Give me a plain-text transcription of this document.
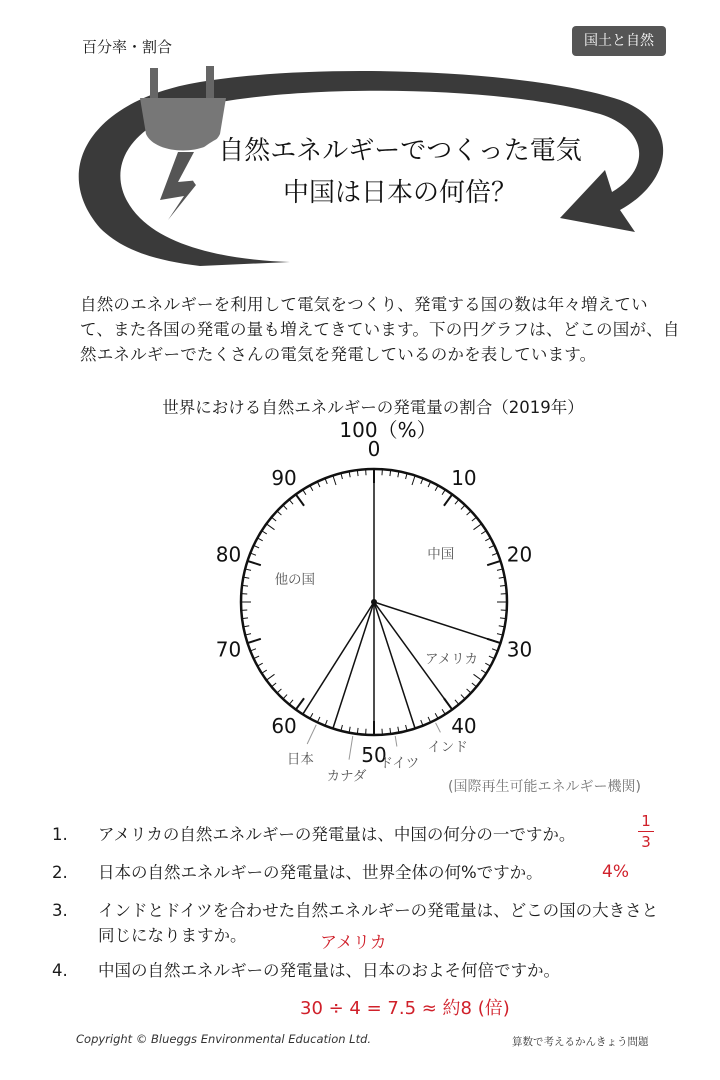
百分率・割合	国土と自然
自然エネルギーでつくった電気
中国は日本の何倍？
自然のエネルギーを利用して電気をつくり、発電する国の数は年々増えていて、また各国の発電の量も増えてきています。下の円グラフは、どこの国が、自然エネルギーでたくさんの電気を発電しているのかを表しています。
世界における自然エネルギーの発電量の割合（2019年）
100（%）
0
10
20
30
40
50
60
70
80
90
中国
アメリカ
インド
ドイツ
カナダ
日本
他の国
(国際再生可能エネルギー機関)
1.	アメリカの自然エネルギーの発電量は、中国の何分の一ですか。
2.	日本の自然エネルギーの発電量は、世界全体の何%ですか。
3.	インドとドイツを合わせた自然エネルギーの発電量は、どこの国の大きさと同じになりますか。
4.	中国の自然エネルギーの発電量は、日本のおよそ何倍ですか。
1
3
4%
アメリカ
30 ÷ 4 = 7.5 ≈ 約8 (倍)
Copyright © Blueggs Environmental Education Ltd.	算数で考えるかんきょう問題
